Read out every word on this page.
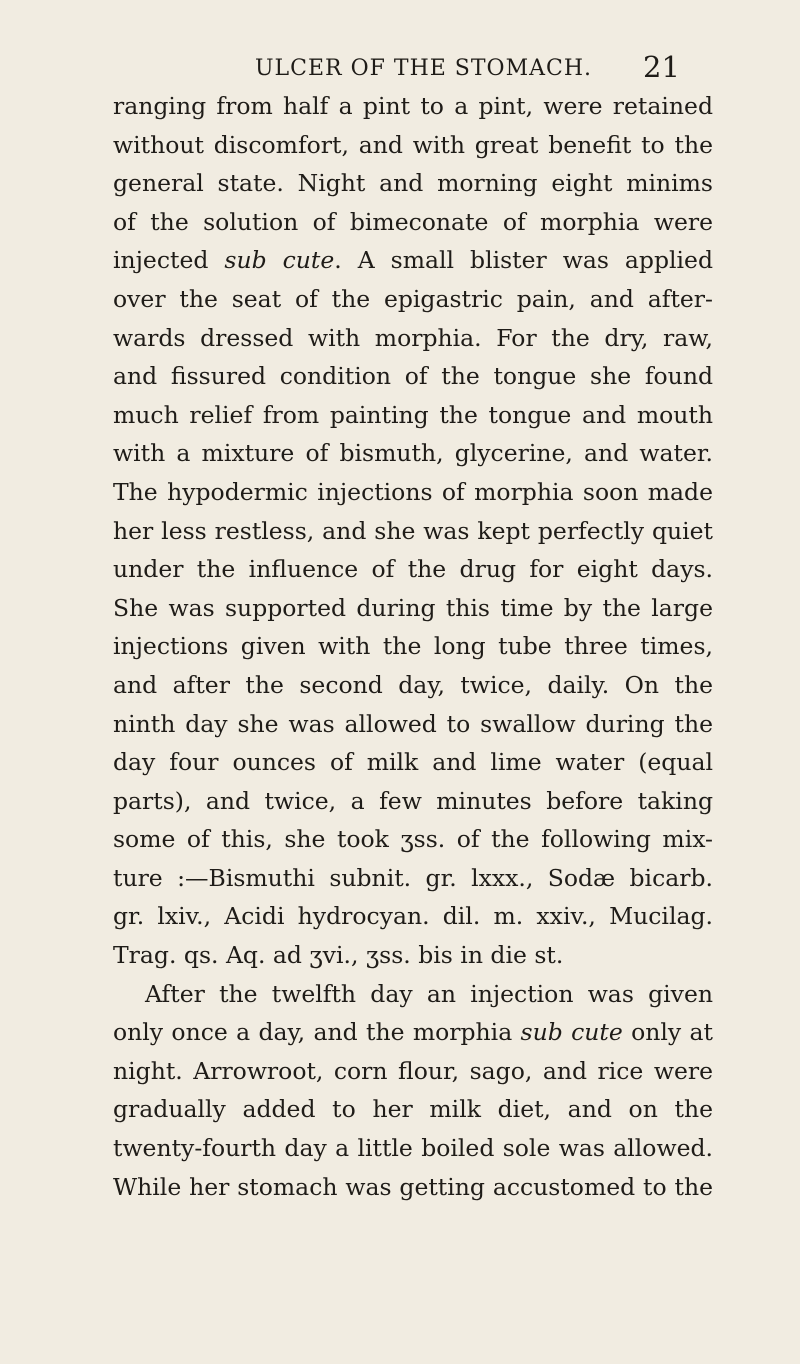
ULCER OF THE STOMACH. 21
ranging from half a pint to a pint, were retained
without discomfort, and with great benefit to the
general state. Night and morning eight minims
of the solution of bimeconate of morphia were
injected sub cute. A small blister was applied
over the seat of the epigastric pain, and after-
wards dressed with morphia. For the dry, raw,
and fissured condition of the tongue she found
much relief from painting the tongue and mouth
with a mixture of bismuth, glycerine, and water.
The hypodermic injections of morphia soon made
her less restless, and she was kept perfectly quiet
under the influence of the drug for eight days.
She was supported during this time by the large
injections given with the long tube three times,
and after the second day, twice, daily. On the
ninth day she was allowed to swallow during the
day four ounces of milk and lime water (equal
parts), and twice, a few minutes before taking
some of this, she took ʒss. of the following mix-
ture :—Bismuthi subnit. gr. lxxx., Sodæ bicarb.
gr. lxiv., Acidi hydrocyan. dil. m. xxiv., Mucilag.
Trag. qs. Aq. ad ʒvi., ʒss. bis in die st.
After the twelfth day an injection was given
only once a day, and the morphia sub cute only at
night. Arrowroot, corn flour, sago, and rice were
gradually added to her milk diet, and on the
twenty-fourth day a little boiled sole was allowed.
While her stomach was getting accustomed to the
